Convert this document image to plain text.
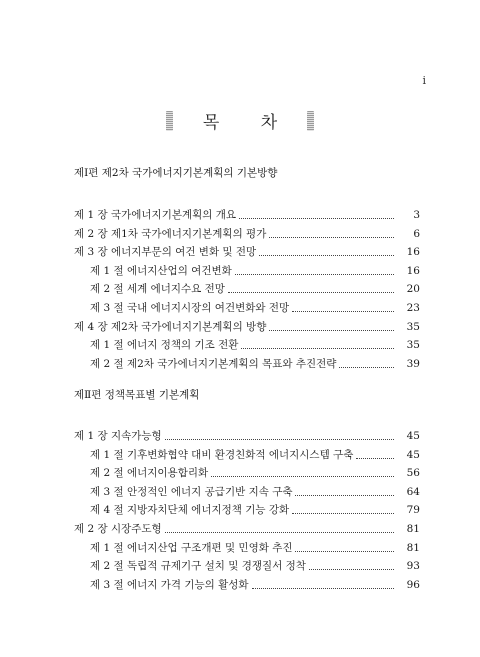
i
목 차
제Ⅰ편 제2차 국가에너지기본계획의 기본방향
제 1 장 국가에너지기본계획의 개요	3
제 2 장 제1차 국가에너지기본계획의 평가	6
제 3 장 에너지부문의 여건 변화 및 전망	16
제 1 절 에너지산업의 여건변화	16
제 2 절 세계 에너지수요 전망	20
제 3 절 국내 에너지시장의 여건변화와 전망	23
제 4 장 제2차 국가에너지기본계획의 방향	35
제 1 절 에너지 정책의 기조 전환	35
제 2 절 제2차 국가에너지기본계획의 목표와 추진전략	39
제Ⅱ편 정책목표별 기본계획
제 1 장 지속가능형	45
제 1 절 기후변화협약 대비 환경친화적 에너지시스템 구축	45
제 2 절 에너지이용합리화	56
제 3 절 안정적인 에너지 공급기반 지속 구축	64
제 4 절 지방자치단체 에너지정책 기능 강화	79
제 2 장 시장주도형	81
제 1 절 에너지산업 구조개편 및 민영화 추진	81
제 2 절 독립적 규제기구 설치 및 경쟁질서 정착	93
제 3 절 에너지 가격 기능의 활성화	96
